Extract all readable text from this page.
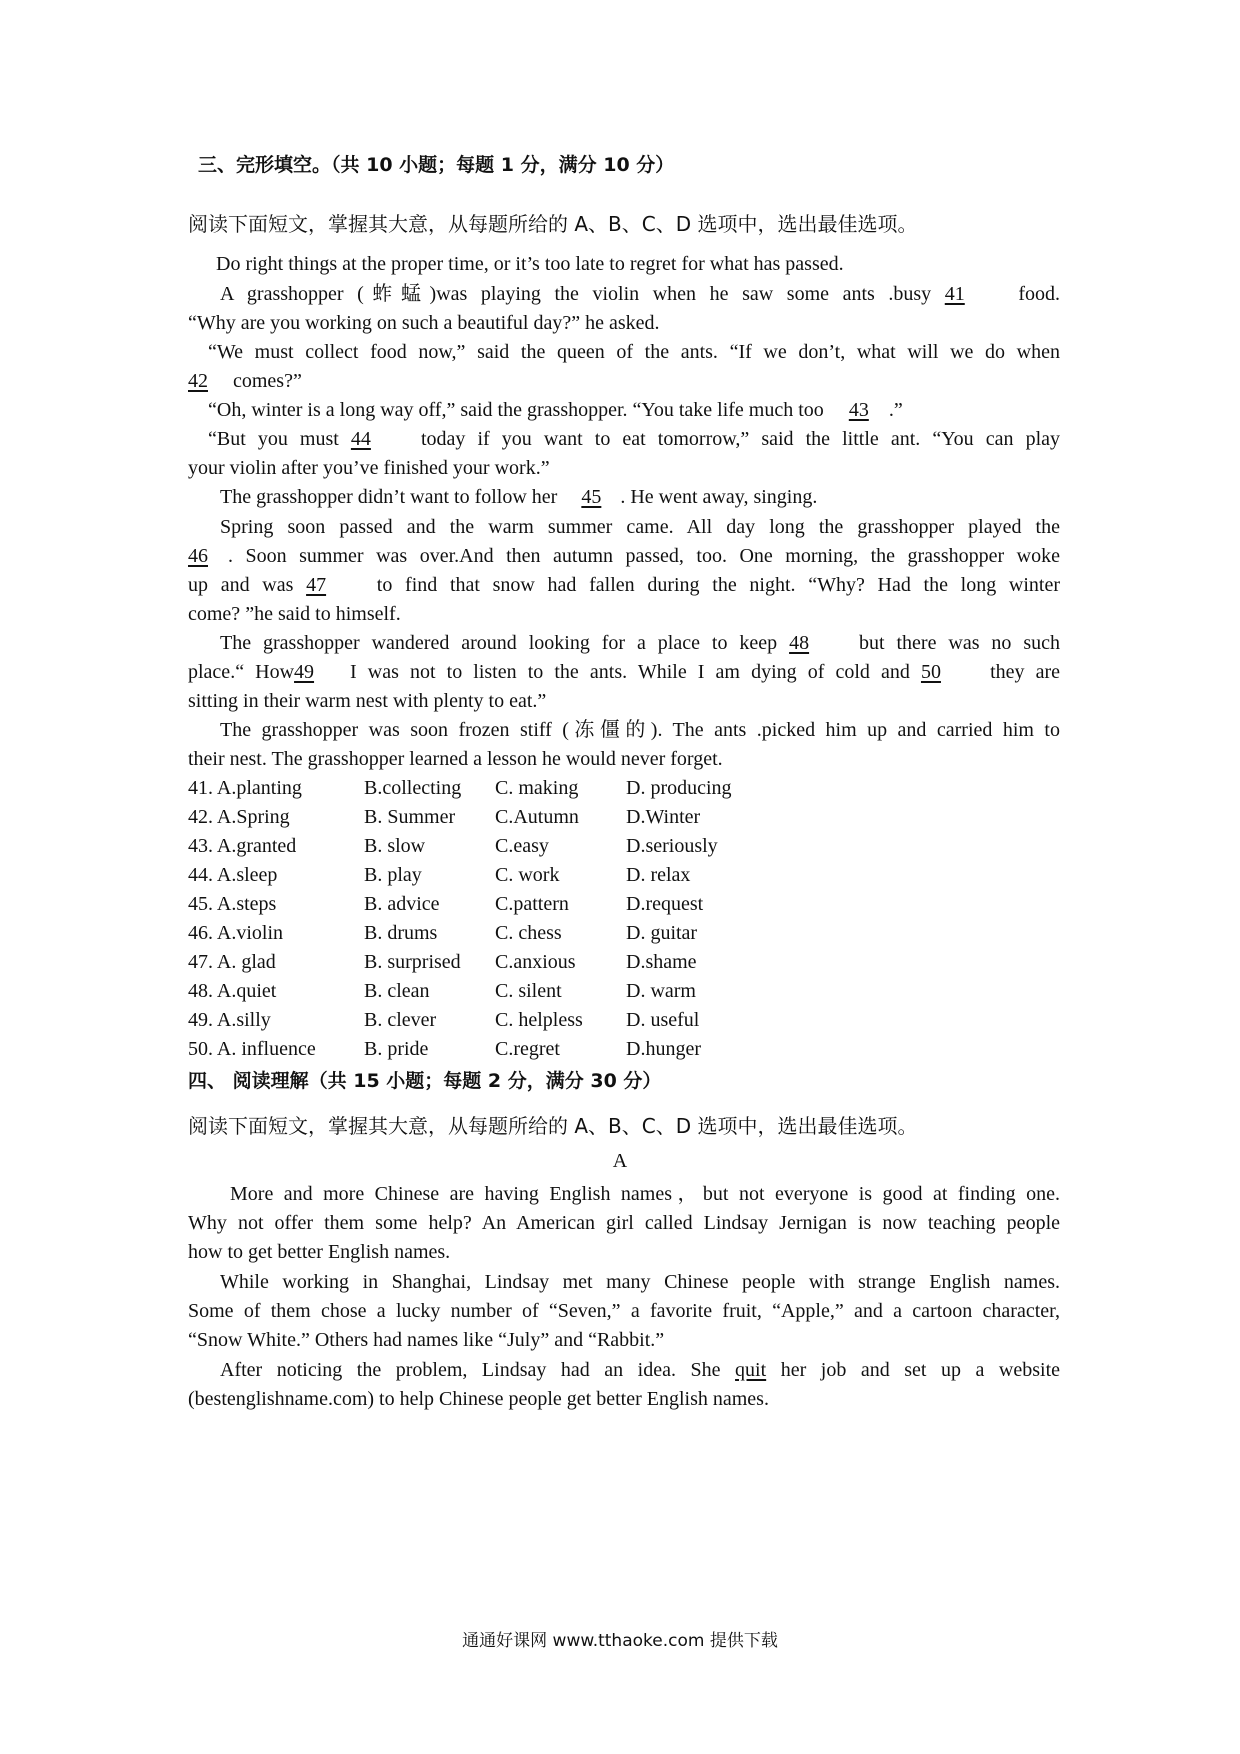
三、完形填空。（共 10 小题；每题 1 分，满分 10 分）
阅读下面短文，掌握其大意，从每题所给的 A、B、C、D 选项中，选出最佳选项。
Do right things at the proper time, or it’s too late to regret for what has passed.
A grasshopper (蚱蜢)was playing the violin when he saw some ants .busy 41	food.
“Why are you working on such a beautiful day?” he asked.
“We must collect food now,” said the queen of the ants. “If we don’t, what will we do when
42 comes?”
“Oh, winter is a long way off,” said the grasshopper. “You take life much too 43 .”
“But you must 44	today if you want to eat tomorrow,” said the little ant. “You can play
your violin after you’ve finished your work.”
The grasshopper didn’t want to follow her 45 . He went away, singing.
Spring soon passed and the warm summer came. All day long the grasshopper played the
46 . Soon summer was over.And then autumn passed, too. One morning, the grasshopper woke
up and was 47	to find that snow had fallen during the night. “Why? Had the long winter
come? ”he said to himself.
The grasshopper wandered around looking for a place to keep 48 but there was no such
place.“ How49 I was not to listen to the ants. While I am dying of cold and 50 they are
sitting in their warm nest with plenty to eat.”
The grasshopper was soon frozen stiff (冻僵的). The ants .picked him up and carried him to
their nest. The grasshopper learned a lesson he would never forget.
41. A.planting	B.collecting C. making D. producing
42. A.Spring	B. Summer C.Autumn D.Winter
43. A.granted	B. slow	C.easy	D.seriously
44. A.sleep	B. play	C. work	D. relax
45. A.steps	B. advice	C.pattern	D.request
46. A.violin	B. drums	C. chess	D. guitar
47. A. glad	B. surprised C.anxious	D.shame
48. A.quiet	B. clean	C. silent	D. warm
49. A.silly	B. clever	C. helpless D. useful
50. A. influence B. pride	C.regret	D.hunger
四、 阅读理解（共 15 小题；每题 2 分，满分 30 分）
阅读下面短文，掌握其大意，从每题所给的 A、B、C、D 选项中，选出最佳选项。
A
More and more Chinese are having English names，but not everyone is good at finding one.
Why not offer them some help? An American girl called Lindsay Jernigan is now teaching people
how to get better English names.
While working in Shanghai, Lindsay met many Chinese people with strange English names.
Some of them chose a lucky number of “Seven,” a favorite fruit, “Apple,” and a cartoon character,
“Snow White.” Others had names like “July” and “Rabbit.”
After noticing the problem, Lindsay had an idea. She quit her job and set up a website
(bestenglishname.com) to help Chinese people get better English names.
通通好课网 www.tthaoke.com 提供下载
